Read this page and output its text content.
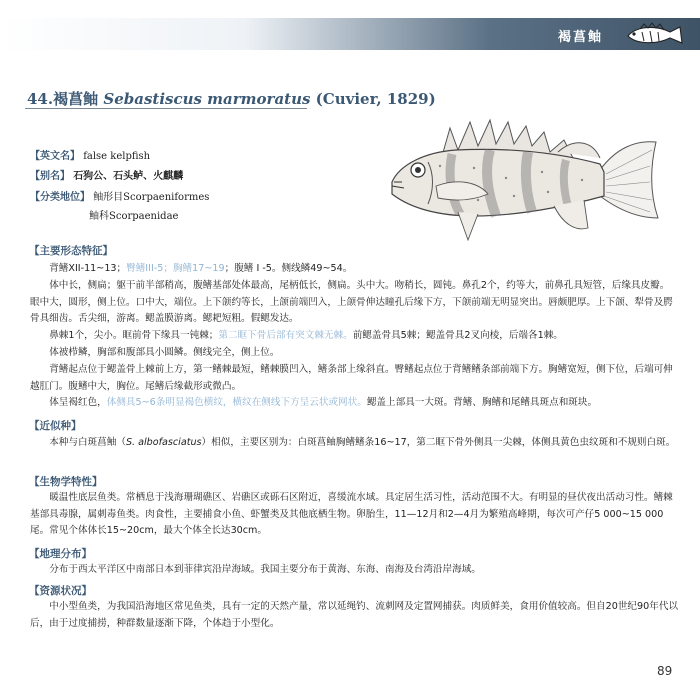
褐菖鲉
44.褐菖鲉 Sebastiscus marmoratus (Cuvier, 1829)
【英文名】 false kelpfish
【别名】 石狗公、石头鲈、火麒麟
【分类地位】 鲉形目Scorpaeniformes
鲉科Scorpaenidae
【主要形态特征】

背鳍XII-11~13；臀鳍III-5；胸鳍17~19；腹鳍 I -5。侧线鳞49~54。

体中长，侧扁；躯干前半部稍高，腹鳍基部处体最高，尾柄低长，侧扁。头中大。吻稍长，圆钝。鼻孔2个，约等大，前鼻孔具短管，后缘具皮瓣。眼中大，圆形，侧上位。口中大，端位。上下颌约等长，上颌前端凹入，上颌骨伸达瞳孔后缘下方，下颌前端无明显突出。唇颇肥厚。上下颌、犁骨及腭骨具细齿。舌尖细，游离。鳃盖膜游离。鳃耙短粗。假鳃发达。

鼻棘1个，尖小。眶前骨下缘具一钝棘；第二眶下骨后部有突文棘无棘。前鳃盖骨具5棘；鳃盖骨具2叉向棱，后端各1棘。

体被栉鳞，胸部和腹部具小圆鳞。侧线完全，侧上位。

背鳍起点位于鳃盖骨上棘前上方，第一鳍棘最短，鳍棘膜凹入，鳍条部上缘斜直。臀鳍起点位于背鳍鳍条部前端下方。胸鳍宽短，侧下位，后端可伸越肛门。腹鳍中大，胸位。尾鳍后缘截形或微凸。

体呈褐红色，体侧具5~6条明显褐色横纹，横纹在侧线下方呈云状或网状。鳃盖上部具一大斑。背鳍、胸鳍和尾鳍具斑点和斑块。

【近似种】

本种与白斑菖鲉（S. albofasciatus）相似，主要区别为：白斑菖鲉胸鳍鳍条16~17，第二眶下骨外侧具一尖棘，体侧具黄色虫纹斑和不规则白斑。

【生物学特性】

暖温性底层鱼类。常栖息于浅海珊瑚礁区、岩礁区或砾石区附近，喜缓流水域。具定居生活习性，活动范围不大。有明显的昼伏夜出活动习性。鳍棘基部具毒腺，属刺毒鱼类。肉食性，主要捕食小鱼、虾蟹类及其他底栖生物。卵胎生，11—12月和2—4月为繁殖高峰期，每次可产仔5 000~15 000尾。常见个体体长15~20cm，最大个体全长达30cm。

【地理分布】

分布于西太平洋区中南部日本到菲律宾沿岸海域。我国主要分布于黄海、东海、南海及台湾沿岸海域。

【资源状况】

中小型鱼类，为我国沿海地区常见鱼类，具有一定的天然产量，常以延绳钓、流刺网及定置网捕获。肉质鲜美，食用价值较高。但自20世纪90年代以后，由于过度捕捞，种群数量逐渐下降，个体趋于小型化。

89
